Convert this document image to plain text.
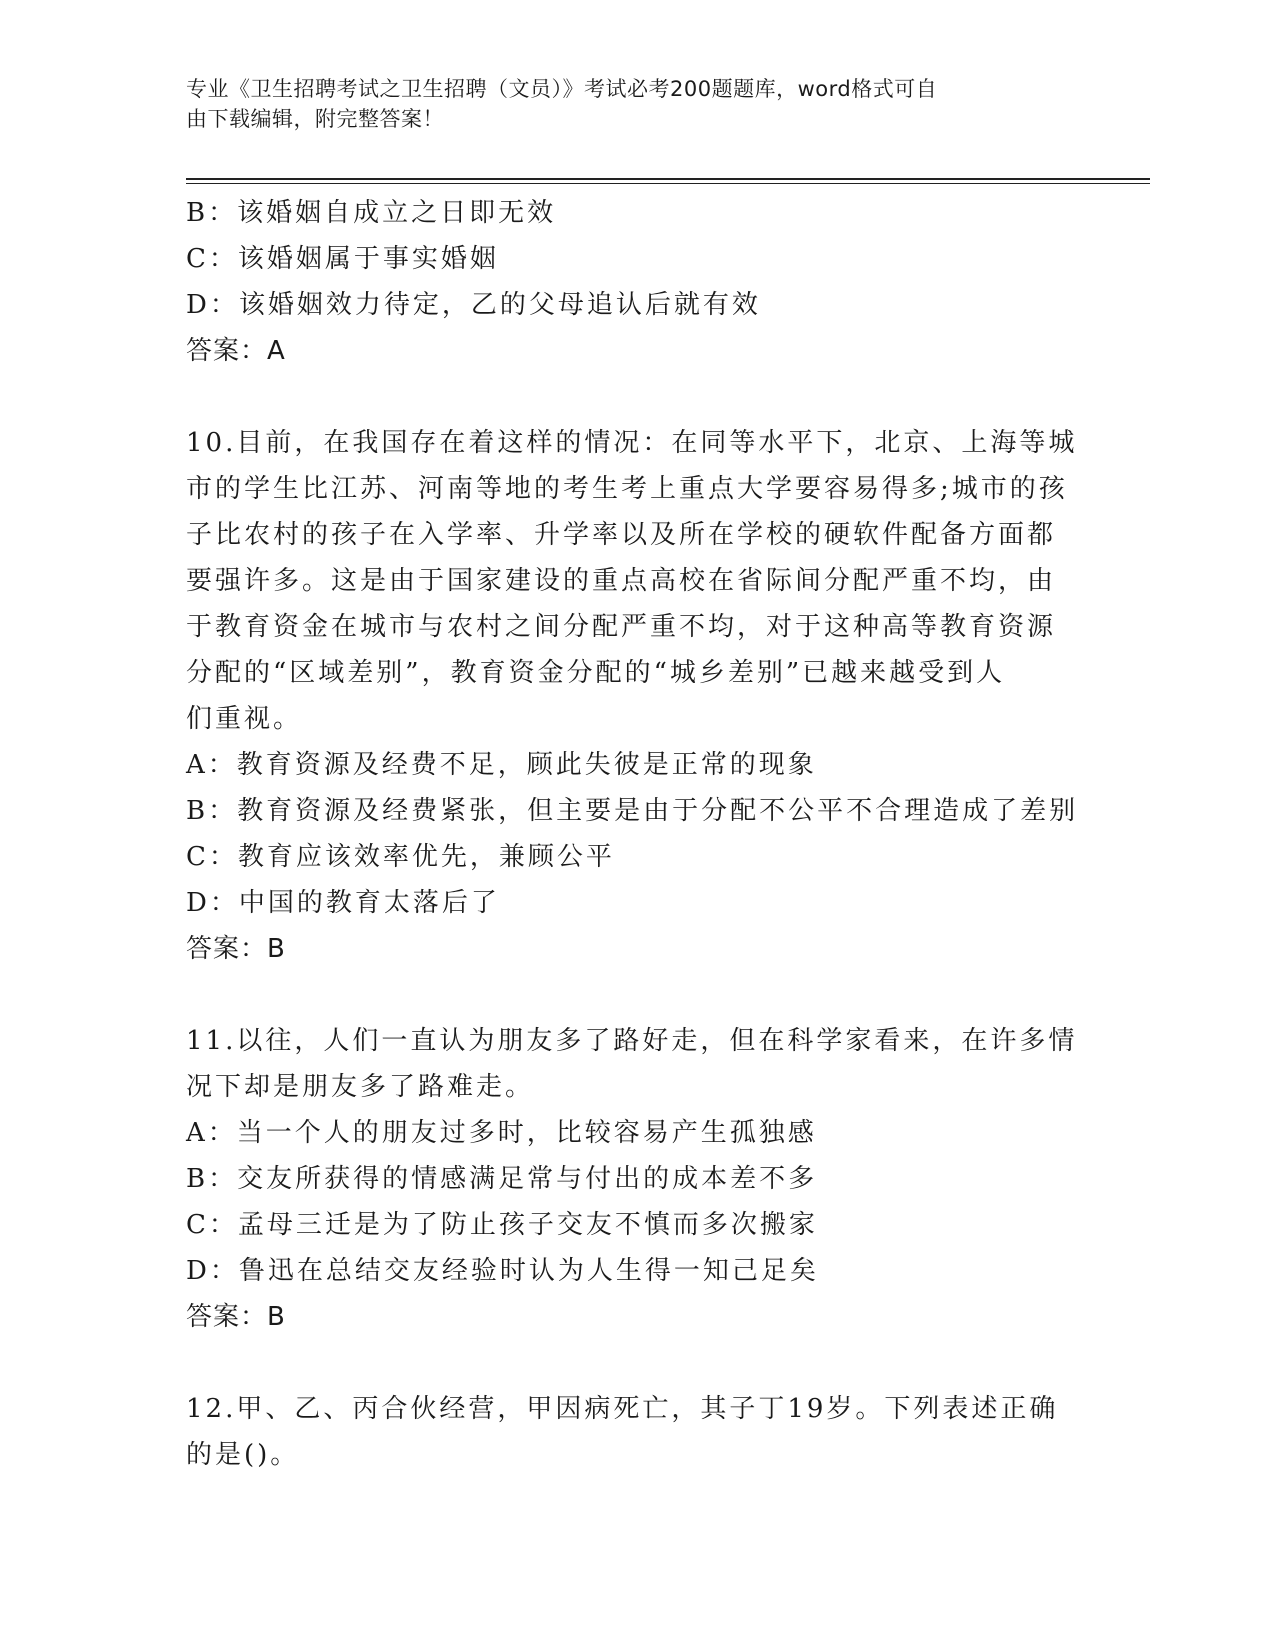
专业《卫生招聘考试之卫生招聘（文员）》考试必考200题题库，word格式可自
由下载编辑，附完整答案！
B：该婚姻自成立之日即无效
C：该婚姻属于事实婚姻
D：该婚姻效力待定，乙的父母追认后就有效
答案：A
10.目前，在我国存在着这样的情况：在同等水平下，北京、上海等城
市的学生比江苏、河南等地的考生考上重点大学要容易得多;城市的孩
子比农村的孩子在入学率、升学率以及所在学校的硬软件配备方面都
要强许多。这是由于国家建设的重点高校在省际间分配严重不均，由
于教育资金在城市与农村之间分配严重不均，对于这种高等教育资源
分配的“区域差别”，教育资金分配的“城乡差别”已越来越受到人
们重视。
A：教育资源及经费不足，顾此失彼是正常的现象
B：教育资源及经费紧张，但主要是由于分配不公平不合理造成了差别
C：教育应该效率优先，兼顾公平
D：中国的教育太落后了
答案：B
11.以往，人们一直认为朋友多了路好走，但在科学家看来，在许多情
况下却是朋友多了路难走。
A：当一个人的朋友过多时，比较容易产生孤独感
B：交友所获得的情感满足常与付出的成本差不多
C：孟母三迁是为了防止孩子交友不慎而多次搬家
D：鲁迅在总结交友经验时认为人生得一知己足矣
答案：B
12.甲、乙、丙合伙经营，甲因病死亡，其子丁19岁。下列表述正确
的是()。
